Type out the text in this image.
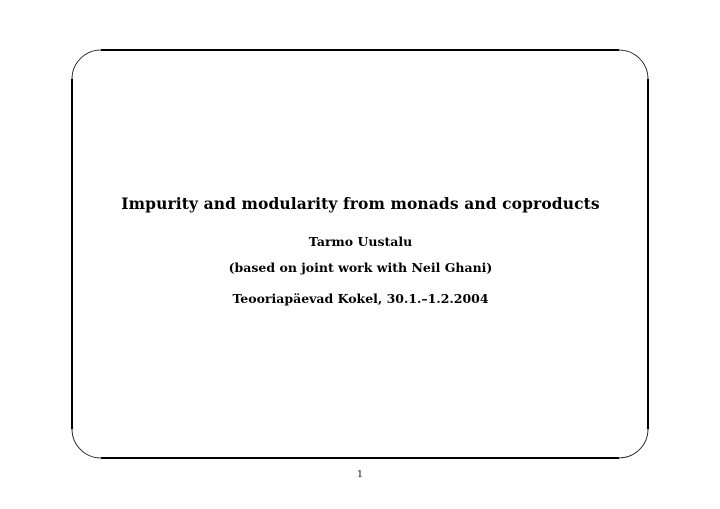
Impurity and modularity from monads and coproducts
Tarmo Uustalu
(based on joint work with Neil Ghani)
Teooriapäevad Kokel, 30.1.–1.2.2004
1
